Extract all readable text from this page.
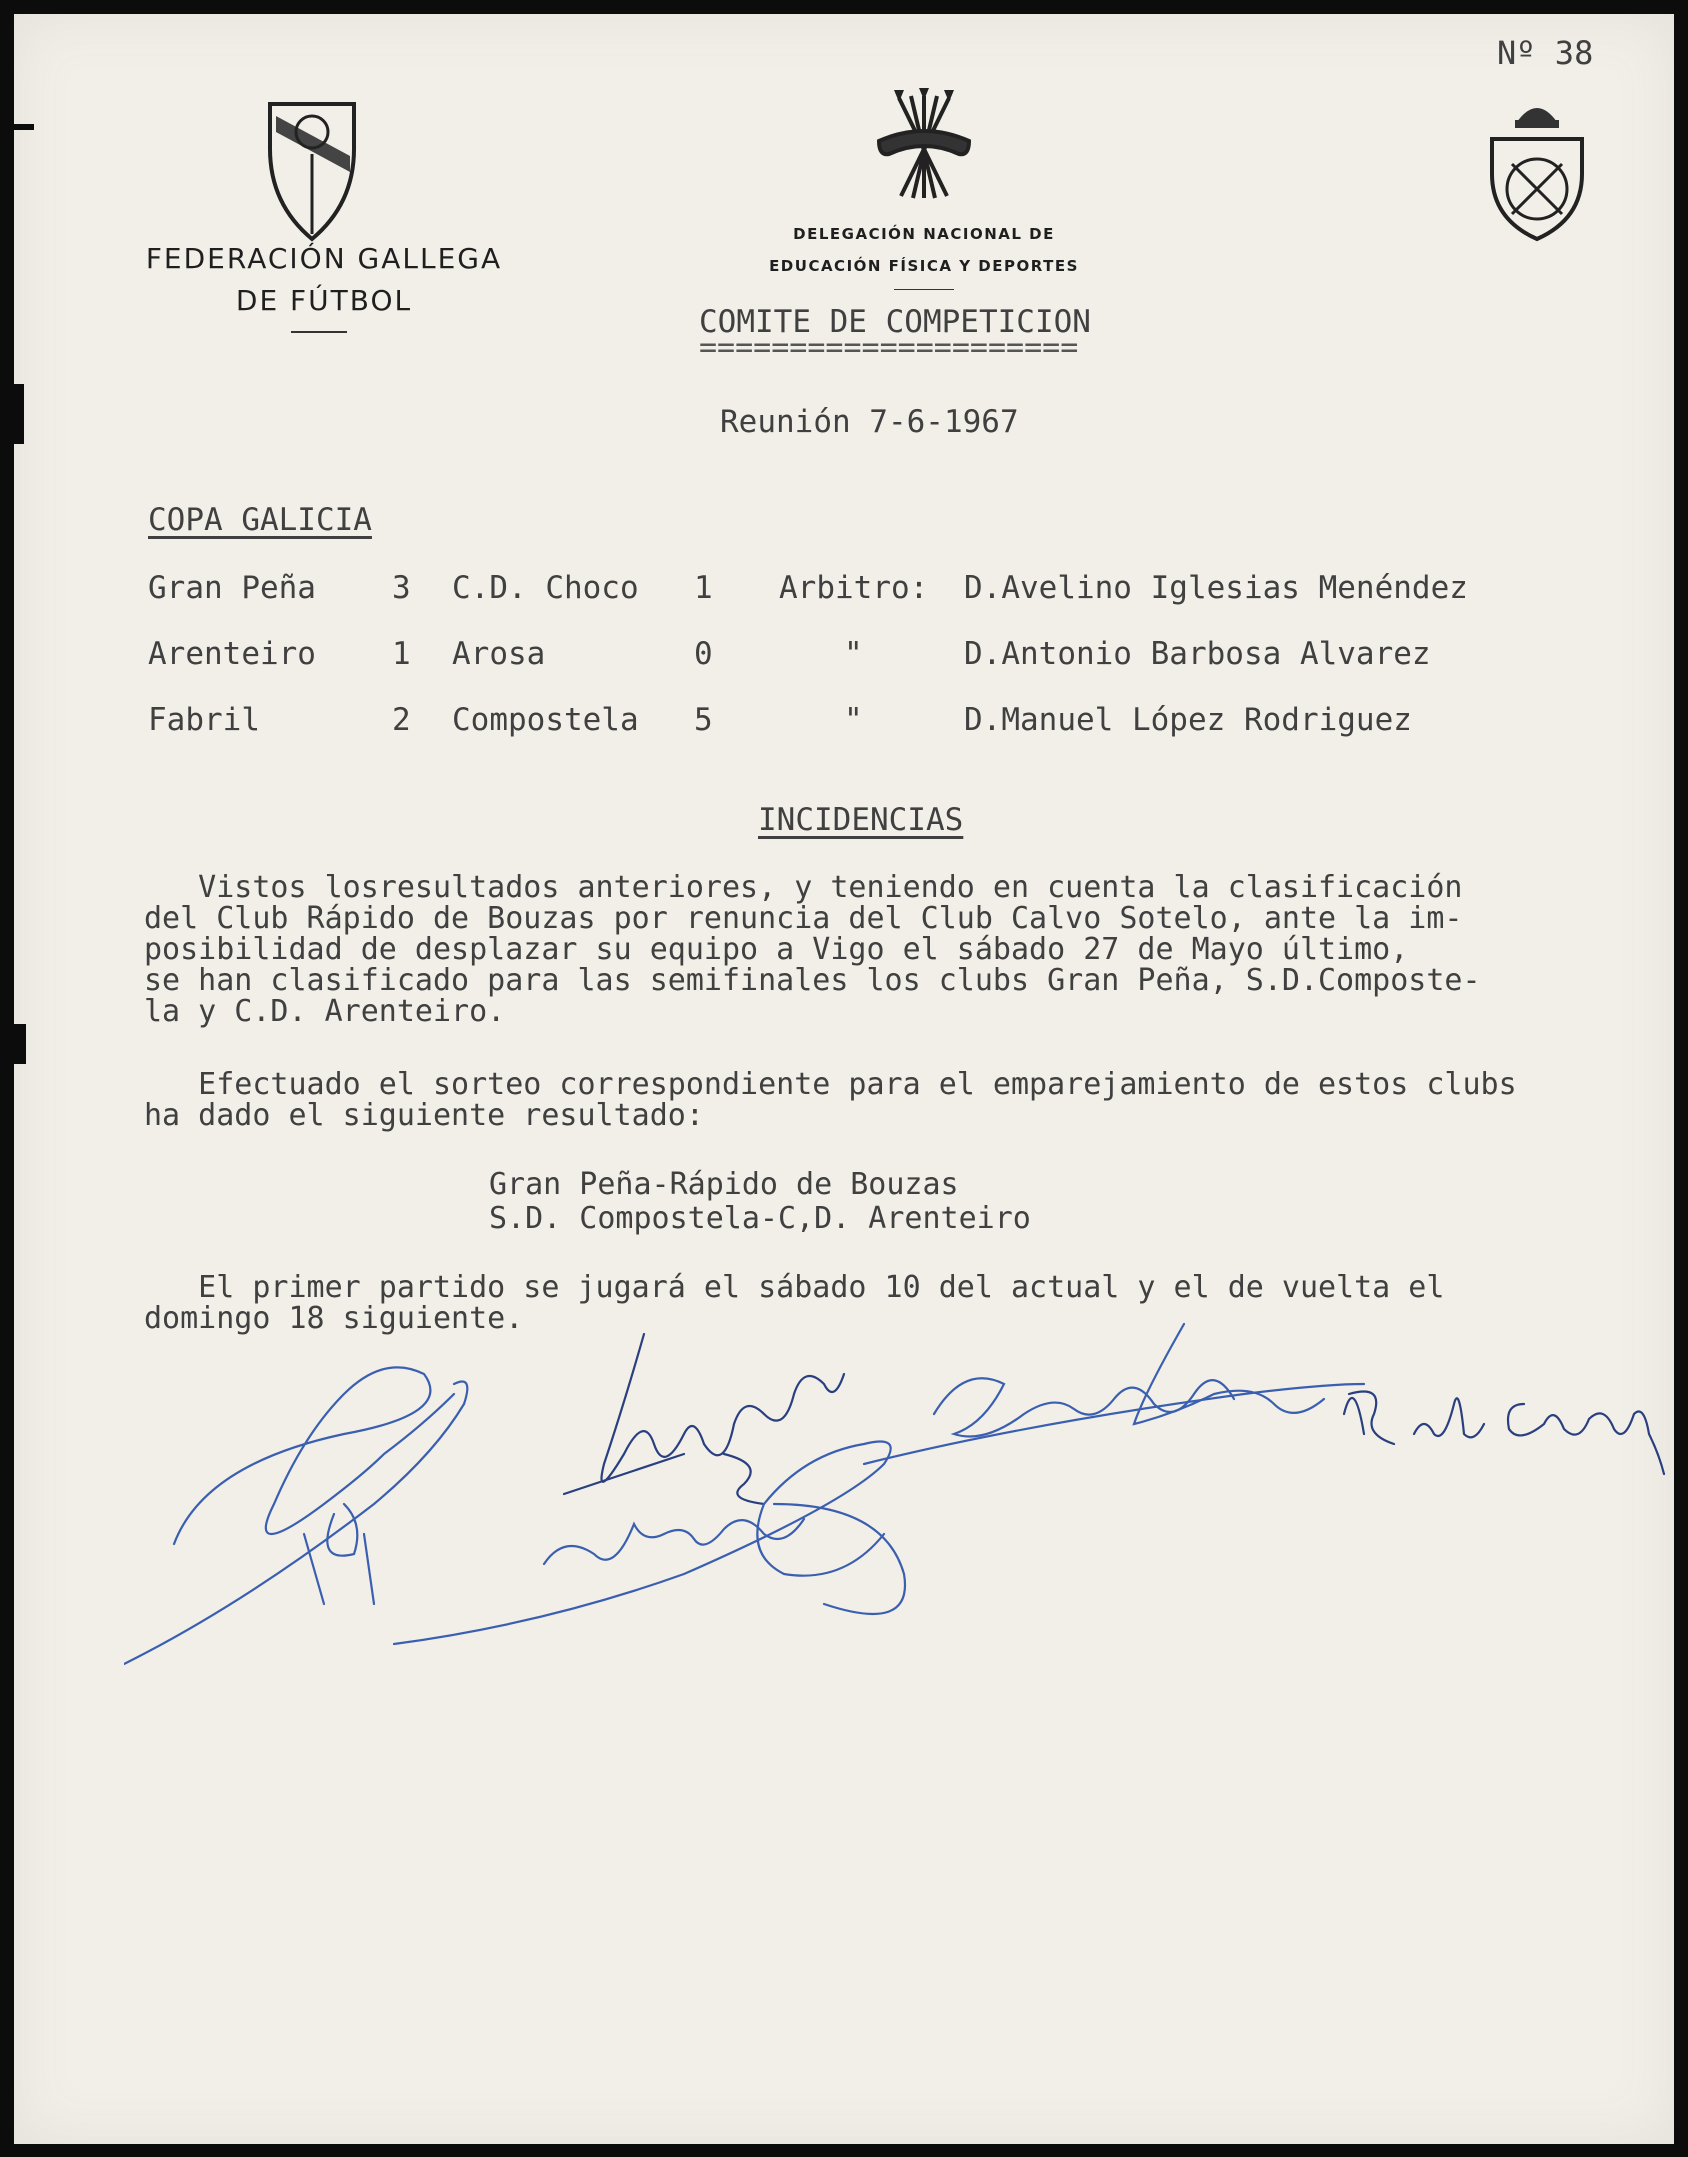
Nº 38
FEDERACIÓN GALLEGA
DE FÚTBOL
DELEGACIÓN NACIONAL DE
EDUCACIÓN FÍSICA Y DEPORTES
COMITE DE COMPETICION
=====================
Reunión 7-6-1967
COPA GALICIA
Gran Peña 3 C.D. Choco 1 Arbitro: D.Avelino Iglesias Menéndez
Arenteiro 1 Arosa	0	"	D.Antonio Barbosa Alvarez
Fabril	2 Compostela 5	"	D.Manuel López Rodriguez
INCIDENCIAS
Vistos losresultados anteriores, y teniendo en cuenta la clasificación
del Club Rápido de Bouzas por renuncia del Club Calvo Sotelo, ante la im-
posibilidad de desplazar su equipo a Vigo el sábado 27 de Mayo último,
se han clasificado para las semifinales los clubs Gran Peña, S.D.Composte-
la y C.D. Arenteiro.
Efectuado el sorteo correspondiente para el emparejamiento de estos clubs
ha dado el siguiente resultado:
Gran Peña-Rápido de Bouzas
S.D. Compostela-C,D. Arenteiro
El primer partido se jugará el sábado 10 del actual y el de vuelta el
domingo 18 siguiente.
